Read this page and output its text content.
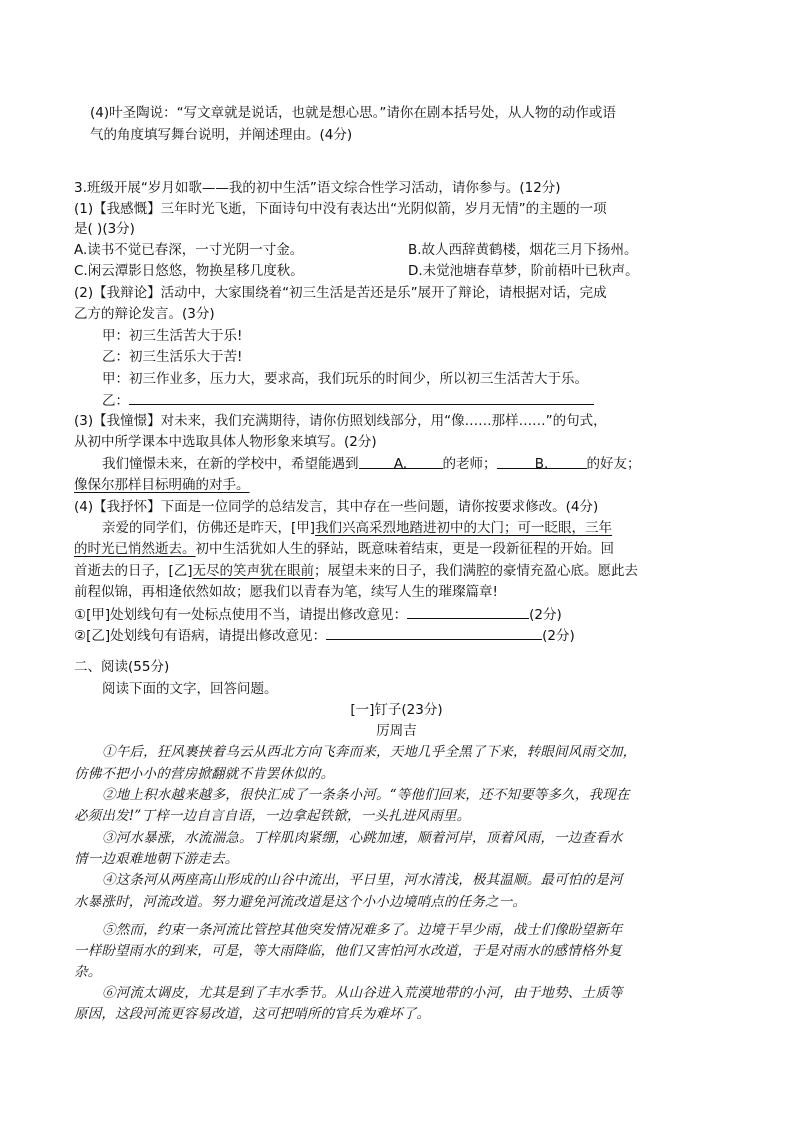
(4)叶圣陶说：“写文章就是说话，也就是想心思。”请你在剧本括号处，从人物的动作或语
气的角度填写舞台说明，并阐述理由。(4分)
3.班级开展“岁月如歌——我的初中生活”语文综合性学习活动，请你参与。(12分)
(1)【我感慨】三年时光飞逝，下面诗句中没有表达出“光阴似箭，岁月无情”的主题的一项
是( )(3分)
A.读书不觉已春深，一寸光阴一寸金。	B.故人西辞黄鹤楼，烟花三月下扬州。
C.闲云潭影日悠悠，物换星移几度秋。	D.未觉池塘春草梦，阶前梧叶已秋声。
(2)【我辩论】活动中，大家围绕着“初三生活是苦还是乐”展开了辩论，请根据对话，完成
乙方的辩论发言。(3分)
甲：初三生活苦大于乐!
乙：初三生活乐大于苦!
甲：初三作业多，压力大，要求高，我们玩乐的时间少，所以初三生活苦大于乐。
乙：
(3)【我憧憬】对未来，我们充满期待，请你仿照划线部分，用“像……那样……”的句式，
从初中所学课本中选取具体人物形象来填写。(2分)
我们憧憬未来，在新的学校中，希望能遇到	A.	的老师；	B.	的好友；
像保尔那样目标明确的对手。
(4)【我抒怀】下面是一位同学的总结发言，其中存在一些问题，请你按要求修改。(4分)
亲爱的同学们，仿佛还是昨天，[甲]我们兴高采烈地踏进初中的大门；可一眨眼，三年
的时光已悄然逝去。初中生活犹如人生的驿站，既意味着结束，更是一段新征程的开始。回
首逝去的日子，[乙]无尽的笑声犹在眼前；展望未来的日子，我们满腔的豪情充盈心底。愿此去
前程似锦，再相逢依然如故；愿我们以青春为笔，续写人生的璀璨篇章!
①[甲]处划线句有一处标点使用不当，请提出修改意见：	(2分)
②[乙]处划线句有语病，请提出修改意见：	(2分)
二、阅读(55分)
阅读下面的文字，回答问题。
[一]钉子(23分)
厉周吉
①午后，狂风裹挟着乌云从西北方向飞奔而来，天地几乎全黑了下来，转眼间风雨交加，
仿佛不把小小的营房掀翻就不肯罢休似的。
②地上积水越来越多，很快汇成了一条条小河。“等他们回来，还不知要等多久，我现在
必须出发!”丁梓一边自言自语，一边拿起铁锨，一头扎进风雨里。
③河水暴涨，水流湍急。丁梓肌肉紧绷，心跳加速，顺着河岸，顶着风雨，一边查看水
情一边艰难地朝下游走去。
④这条河从两座高山形成的山谷中流出，平日里，河水清浅，极其温顺。最可怕的是河
水暴涨时，河流改道。努力避免河流改道是这个小小边境哨点的任务之一。
⑤然而，约束一条河流比管控其他突发情况难多了。边境干旱少雨，战士们像盼望新年
一样盼望雨水的到来，可是，等大雨降临，他们又害怕河水改道，于是对雨水的感情格外复
杂。
⑥河流太调皮，尤其是到了丰水季节。从山谷进入荒漠地带的小河，由于地势、土质等
原因，这段河流更容易改道，这可把哨所的官兵为难坏了。
